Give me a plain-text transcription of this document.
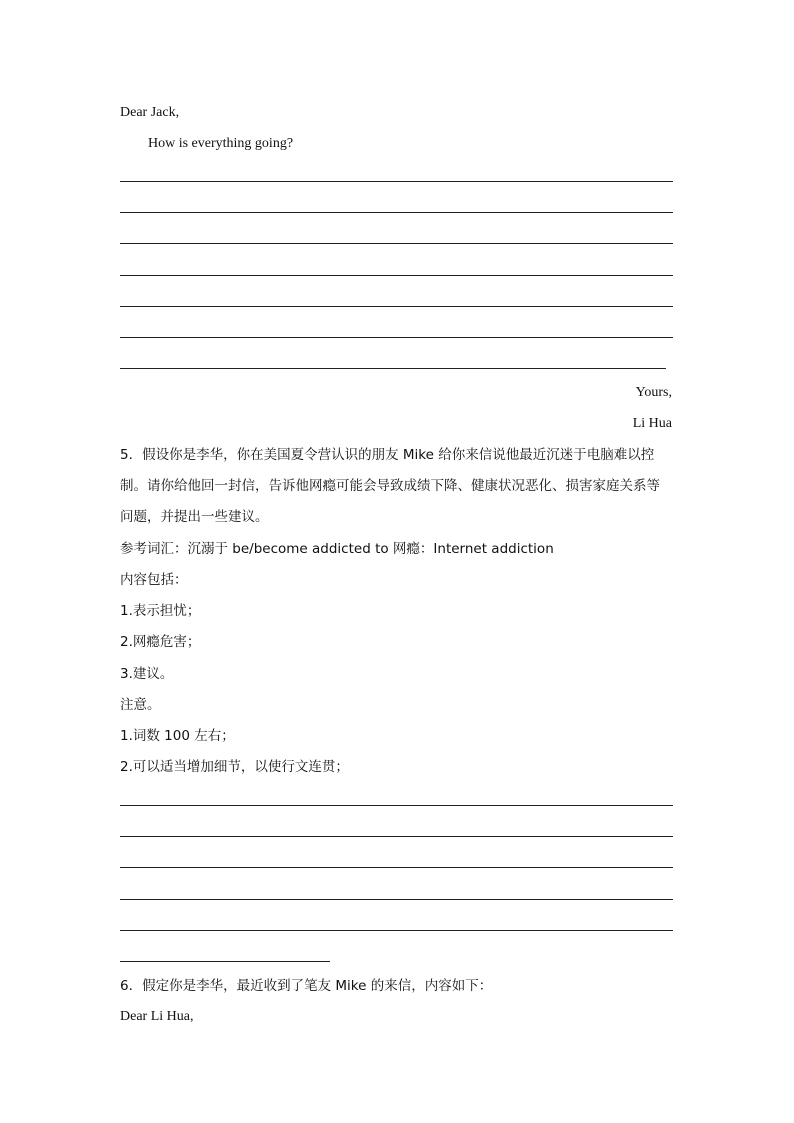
Dear Jack,
How is everything going?
Yours,
Li Hua
5．假设你是李华，你在美国夏令营认识的朋友 Mike 给你来信说他最近沉迷于电脑难以控
制。请你给他回一封信，告诉他网瘾可能会导致成绩下降、健康状况恶化、损害家庭关系等
问题，并提出一些建议。
参考词汇：沉溺于 be/become addicted to 网瘾：Internet addiction
内容包括：
1.表示担忧；
2.网瘾危害；
3.建议。
注意。
1.词数 100 左右；
2.可以适当增加细节，以使行文连贯；
6．假定你是李华，最近收到了笔友 Mike 的来信，内容如下：
Dear Li Hua,
